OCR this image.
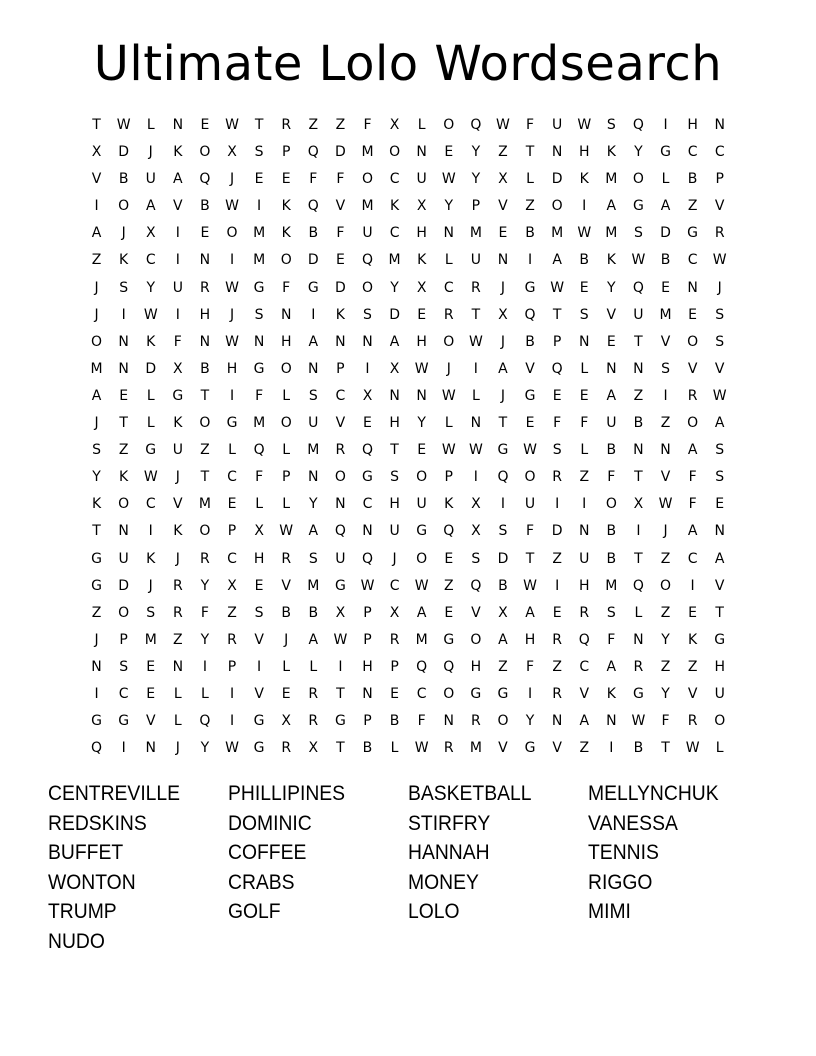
Ultimate Lolo Wordsearch
T	W	L	N	E	W	T	R	Z	Z	F	X	L	O	Q	W	F	U	W	S	Q	I	H	N
X	D	J	K	O	X	S	P	Q	D	M	O	N	E	Y	Z	T	N	H	K	Y	G	C	C
V	B	U	A	Q	J	E	E	F	F	O	C	U	W	Y	X	L	D	K	M	O	L	B	P
I	O	A	V	B	W	I	K	Q	V	M	K	X	Y	P	V	Z	O	I	A	G	A	Z	V
A	J	X	I	E	O	M	K	B	F	U	C	H	N	M	E	B	M	W	M	S	D	G	R
Z	K	C	I	N	I	M	O	D	E	Q	M	K	L	U	N	I	A	B	K	W	B	C	W
J	S	Y	U	R	W	G	F	G	D	O	Y	X	C	R	J	G	W	E	Y	Q	E	N	J
J	I	W	I	H	J	S	N	I	K	S	D	E	R	T	X	Q	T	S	V	U	M	E	S
O	N	K	F	N	W	N	H	A	N	N	A	H	O	W	J	B	P	N	E	T	V	O	S
M	N	D	X	B	H	G	O	N	P	I	X	W	J	I	A	V	Q	L	N	N	S	V	V
A	E	L	G	T	I	F	L	S	C	X	N	N	W	L	J	G	E	E	A	Z	I	R	W
J	T	L	K	O	G	M	O	U	V	E	H	Y	L	N	T	E	F	F	U	B	Z	O	A
S	Z	G	U	Z	L	Q	L	M	R	Q	T	E	W W	G	W	S	L	B	N	N	A	S
Y	K	W	J	T	C	F	P	N	O	G	S	O	P	I	Q	O	R	Z	F	T	V	F	S
K	O	C	V	M	E	L	L	Y	N	C	H	U	K	X	I	U	I	I	O	X	W	F	E
T	N	I	K	O	P	X	W	A	Q	N	U	G	Q	X	S	F	D	N	B	I	J	A	N
G	U	K	J	R	C	H	R	S	U	Q	J	O	E	S	D	T	Z	U	B	T	Z	C	A
G	D	J	R	Y	X	E	V	M	G	W	C	W	Z	Q	B	W	I	H	M	Q	O	I	V
Z	O	S	R	F	Z	S	B	B	X	P	X	A	E	V	X	A	E	R	S	L	Z	E	T
J	P	M	Z	Y	R	V	J	A	W	P	R	M	G	O	A	H	R	Q	F	N	Y	K	G
N	S	E	N	I	P	I	L	L	I	H	P	Q	Q	H	Z	F	Z	C	A	R	Z	Z	H
I	C	E	L	L	I	V	E	R	T	N	E	C	O	G	G	I	R	V	K	G	Y	V	U
G	G	V	L	Q	I	G	X	R	G	P	B	F	N	R	O	Y	N	A	N	W	F	R	O
Q	I	N	J	Y	W	G	R	X	T	B	L	W	R	M	V	G	V	Z	I	B	T	W	L
CENTREVILLE	PHILLIPINES	BASKETBALL	MELLYNCHUK
REDSKINS	DOMINIC	STIRFRY	VANESSA
BUFFET	COFFEE	HANNAH	TENNIS
WONTON	CRABS	MONEY	RIGGO
TRUMP	GOLF	LOLO	MIMI
NUDO
